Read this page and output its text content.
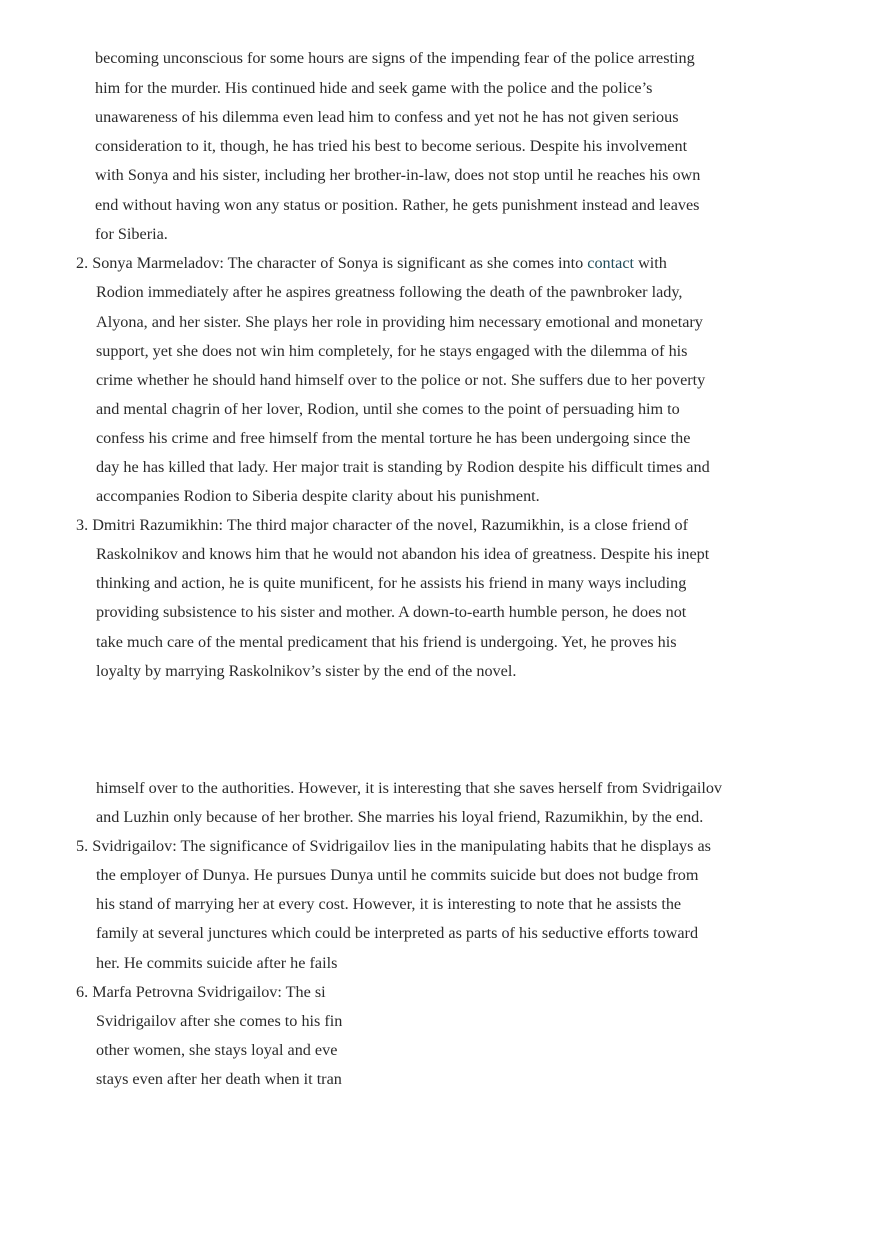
becoming unconscious for some hours are signs of the impending fear of the police arresting
him for the murder. His continued hide and seek game with the police and the police’s
unawareness of his dilemma even lead him to confess and yet not he has not given serious
consideration to it, though, he has tried his best to become serious. Despite his involvement
with Sonya and his sister, including her brother-in-law, does not stop until he reaches his own
end without having won any status or position. Rather, he gets punishment instead and leaves
for Siberia.
2. Sonya Marmeladov: The character of Sonya is significant as she comes into contact with
Rodion immediately after he aspires greatness following the death of the pawnbroker lady,
Alyona, and her sister. She plays her role in providing him necessary emotional and monetary
support, yet she does not win him completely, for he stays engaged with the dilemma of his
crime whether he should hand himself over to the police or not. She suffers due to her poverty
and mental chagrin of her lover, Rodion, until she comes to the point of persuading him to
confess his crime and free himself from the mental torture he has been undergoing since the
day he has killed that lady. Her major trait is standing by Rodion despite his difficult times and
accompanies Rodion to Siberia despite clarity about his punishment.
3. Dmitri Razumikhin: The third major character of the novel, Razumikhin, is a close friend of
Raskolnikov and knows him that he would not abandon his idea of greatness. Despite his inept
thinking and action, he is quite munificent, for he assists his friend in many ways including
providing subsistence to his sister and mother. A down-to-earth humble person, he does not
take much care of the mental predicament that his friend is undergoing. Yet, he proves his
loyalty by marrying Raskolnikov’s sister by the end of the novel.
himself over to the authorities. However, it is interesting that she saves herself from Svidrigailov
and Luzhin only because of her brother. She marries his loyal friend, Razumikhin, by the end.
5. Svidrigailov: The significance of Svidrigailov lies in the manipulating habits that he displays as
the employer of Dunya. He pursues Dunya until he commits suicide but does not budge from
his stand of marrying her at every cost. However, it is interesting to note that he assists the
family at several junctures which could be interpreted as parts of his seductive efforts toward
her. He commits suicide after he fails
6. Marfa Petrovna Svidrigailov: The si
Svidrigailov after she comes to his fin
other women, she stays loyal and eve
stays even after her death when it tran
